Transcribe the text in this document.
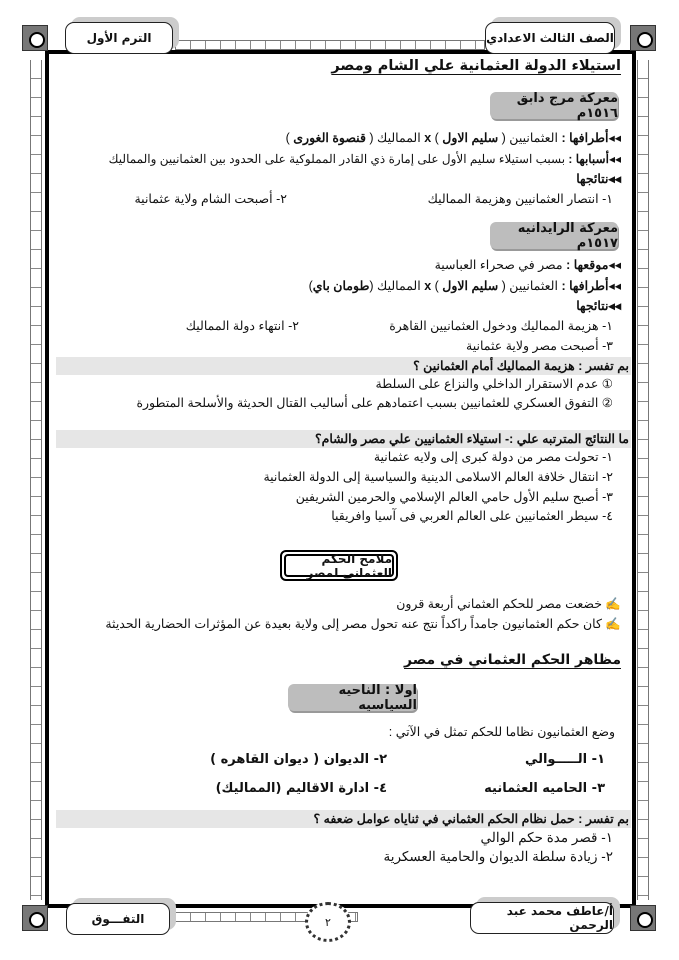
الترم الأول	الصف الثالث الاعدادي
استيلاء الدولة العثمانية علي الشام ومصر
معركة مرج دابق ١٥١٦م
◂◂أطرافها : العثمانيين ( سليم الاول ) x المماليك ( قنصوة الغورى )
◂◂أسبابها : بسبب استيلاء سليم الأول على إمارة ذي القادر المملوكية على الحدود بين العثمانيين والمماليك
◂◂نتائجها
١- انتصار العثمانيين وهزيمة المماليك
٢- أصبحت الشام ولاية عثمانية
معركة الرايدانيه ١٥١٧م
◂◂موقعها : مصر في صحراء العباسية
◂◂أطرافها : العثمانيين ( سليم الاول ) x المماليك (طومان باي)
◂◂نتائجها
١- هزيمة المماليك ودخول العثمانيين القاهرة
٢- انتهاء دولة المماليك
٣- أصبحت مصر ولاية عثمانية
بم تفسر : هزيمة المماليك أمام العثمانين ؟
① عدم الاستقرار الداخلي والنزاع على السلطة
② التفوق العسكري للعثمانيين بسبب اعتمادهم على أساليب القتال الحديثة والأسلحة المتطورة
ما النتائج المترتبه علي :- استيلاء العثمانيين علي مصر والشام؟
١- تحولت مصر من دولة كبرى إلى ولايه عثمانية
٢- انتقال خلافة العالم الاسلامى الدينية والسياسية إلى الدولة العثمانية
٣- أصبح سليم الأول حامي العالم الإسلامي والحرمين الشريفين
٤- سيطر العثمانيين على العالم العربي فى آسيا وافريقيا
ملامح الحكم العثماني لمصر
✍ خضعت مصر للحكم العثماني أربعة قرون
✍ كان حكم العثمانيون جامداً راكداً نتج عنه تحول مصر إلى ولاية بعيدة عن المؤثرات الحضارية الحديثة
مظاهر الحكم العثماني في مصر
اولا : الناحيه السياسيه
وضع العثمانيون نظاما للحكم تمثل في الآتي :
١- الـــــوالي
٢- الديوان ( ديوان القاهره )
٣- الحاميه العثمانيه
٤- ادارة الاقاليم (المماليك)
بم تفسر : حمل نظام الحكم العثماني في ثناياه عوامل ضعفه ؟
١- قصر مدة حكم الوالي
٢- زيادة سلطة الديوان والحامية العسكرية
التفـــوق
أ/عاطف محمد عبد الرحمن
٢
